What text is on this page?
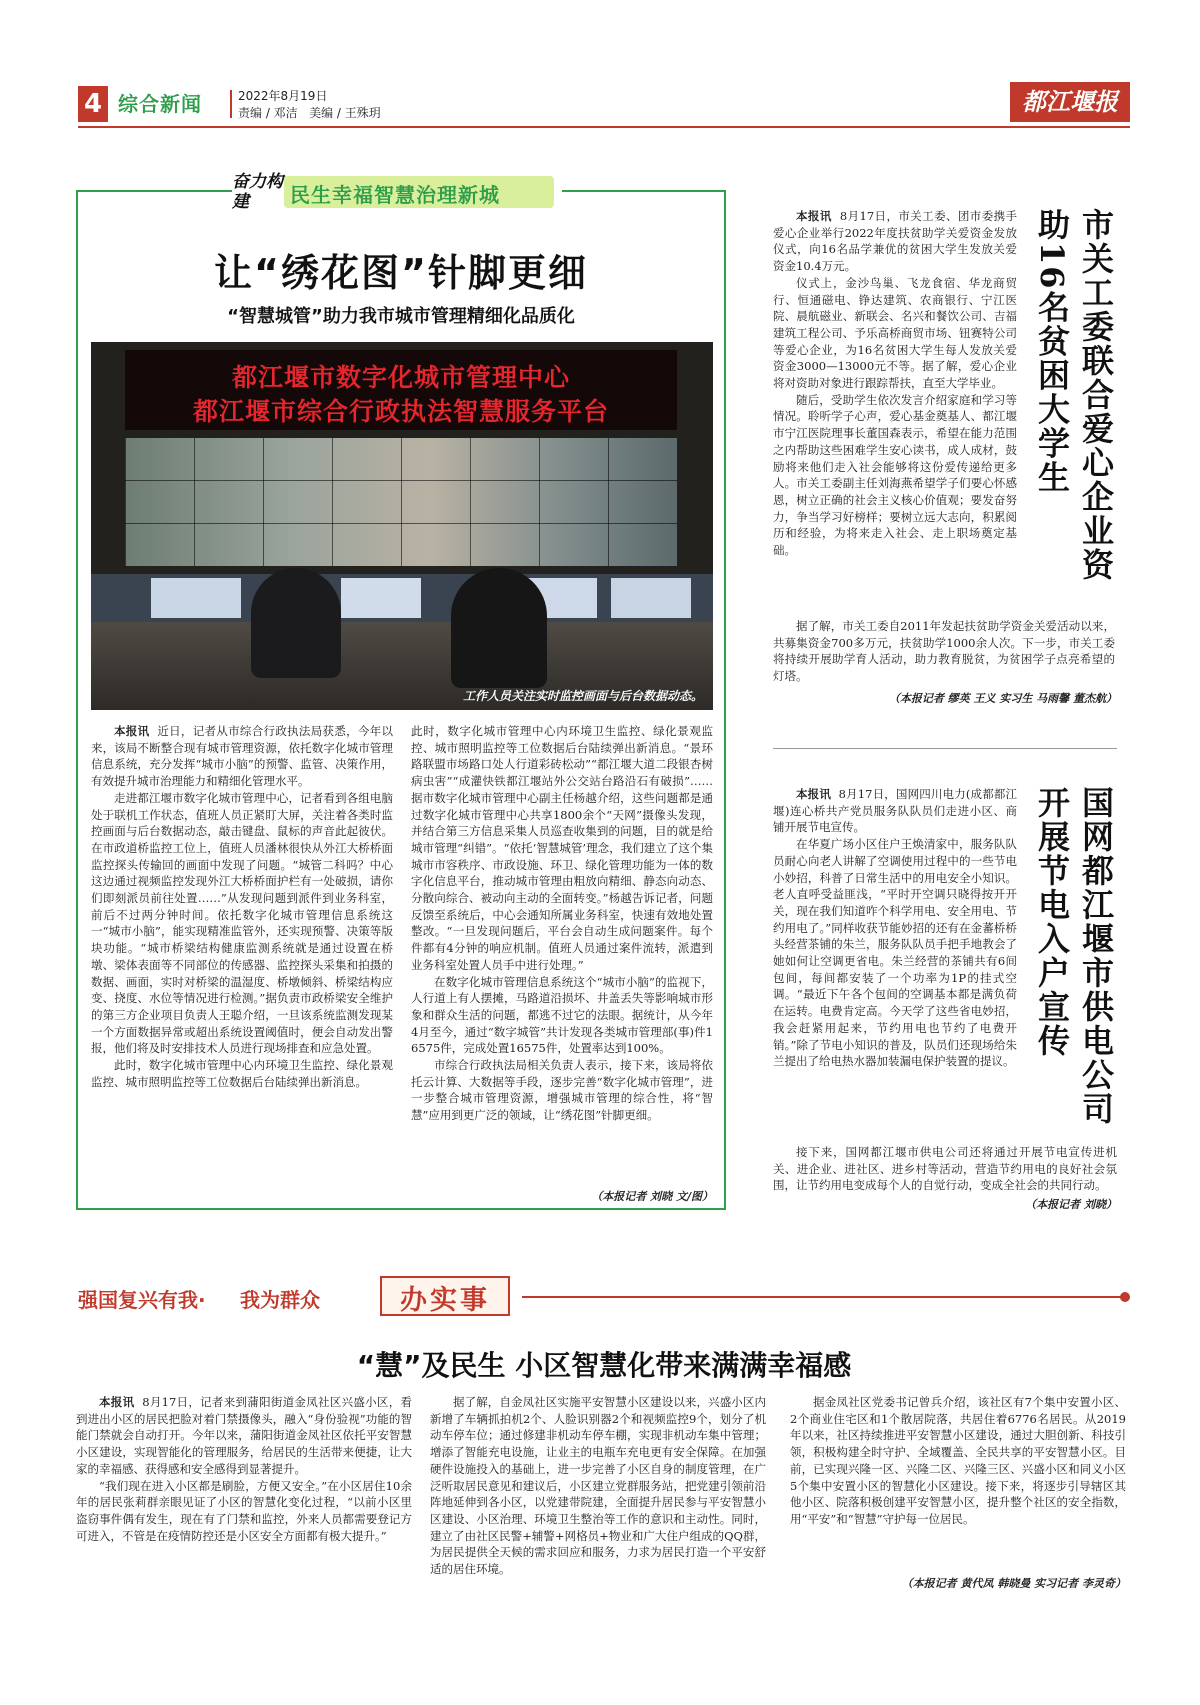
4 综合新闻	2022年8月19日
责编 / 邓洁   美编 / 王殊玥	都江堰报
奋力构建	民生幸福智慧治理新城
让“绣花图”针脚更细
“智慧城管”助力我市城市管理精细化品质化
都江堰市数字化城市管理中心
都江堰市综合行政执法智慧服务平台
工作人员关注实时监控画面与后台数据动态。

本报讯 近日，记者从市综合行政执法局获悉，今年以来，该局不断整合现有城市管理资源，依托数字化城市管理信息系统，充分发挥“城市小脑”的预警、监管、决策作用，有效提升城市治理能力和精细化管理水平。

走进都江堰市数字化城市管理中心，记者看到各组电脑处于联机工作状态，值班人员正紧盯大屏，关注着各类时监控画面与后台数据动态，敲击键盘、鼠标的声音此起彼伏。在市政道桥监控工位上，值班人员潘林很快从外江大桥桥面监控探头传输回的画面中发现了问题。“城管二科吗？中心这边通过视频监控发现外江大桥桥面护栏有一处破损，请你们即刻派员前往处置……”从发现问题到派件到业务科室，前后不过两分钟时间。依托数字化城市管理信息系统这一“城市小脑”，能实现精准监管外，还实现预警、决策等版块功能。“城市桥梁结构健康监测系统就是通过设置在桥墩、梁体表面等不同部位的传感器、监控探头采集和拍摄的数据、画面，实时对桥梁的温湿度、桥墩倾斜、桥梁结构应变、挠度、水位等情况进行检测。”据负责市政桥梁安全维护的第三方企业项目负责人王聪介绍，一旦该系统监测发现某一个方面数据异常或超出系统设置阈值时，便会自动发出警报，他们将及时安排技术人员进行现场排查和应急处置。

此时，数字化城市管理中心内环境卫生监控、绿化景观监控、城市照明监控等工位数据后台陆续弹出新消息。

此时，数字化城市管理中心内环境卫生监控、绿化景观监控、城市照明监控等工位数据后台陆续弹出新消息。“景环路联盟市场路口处人行道彩砖松动”“都江堰大道二段银杏树病虫害”“成灌快铁都江堰站外公交站台路沿石有破损”……据市数字化城市管理中心副主任杨越介绍，这些问题都是通过数字化城市管理中心共享1800余个“天网”摄像头发现，并结合第三方信息采集人员巡查收集到的问题，目的就是给城市管理“纠错”。“依托‘智慧城管’理念，我们建立了这个集城市市容秩序、市政设施、环卫、绿化管理功能为一体的数字化信息平台，推动城市管理由粗放向精细、静态向动态、分散向综合、被动向主动的全面转变。”杨越告诉记者，问题反馈至系统后，中心会通知所属业务科室，快速有效地处置整改。“一旦发现问题后，平台会自动生成问题案件。每个件都有4分钟的响应机制。值班人员通过案件流转，派遣到业务科室处置人员手中进行处理。”

在数字化城市管理信息系统这个“城市小脑”的监视下，人行道上有人摆摊，马路道沿损坏、井盖丢失等影响城市形象和群众生活的问题，都逃不过它的法眼。据统计，从今年4月至今，通过“数字城管”共计发现各类城市管理部(事)件16575件，完成处置16575件，处置率达到100%。

市综合行政执法局相关负责人表示，接下来，该局将依托云计算、大数据等手段，逐步完善“数字化城市管理”，进一步整合城市管理资源，增强城市管理的综合性，将“智慧”应用到更广泛的领域，让“绣花图”针脚更细。

（本报记者 刘晓 文/图）

本报讯 8月17日，市关工委、团市委携手爱心企业举行2022年度扶贫助学关爱资金发放仪式，向16名品学兼优的贫困大学生发放关爱资金10.4万元。

仪式上，金沙鸟巢、飞龙食宿、华龙商贸行、恒通磁电、铮达建筑、农商银行、宁江医院、晨航磁业、新联会、名兴和餐饮公司、吉福建筑工程公司、予乐高桥商贸市场、钮赛特公司等爱心企业，为16名贫困大学生每人发放关爱资金3000—13000元不等。据了解，爱心企业将对资助对象进行跟踪帮扶，直至大学毕业。

随后，受助学生依次发言介绍家庭和学习等情况。聆听学子心声，爱心基金奠基人、都江堰市宁江医院理事长董国森表示，希望在能力范围之内帮助这些困难学生安心读书，成人成材，鼓励将来他们走入社会能够将这份爱传递给更多人。市关工委副主任刘海燕希望学子们要心怀感恩，树立正确的社会主义核心价值观；要发奋努力，争当学习好榜样；要树立远大志向，积累阅历和经验，为将来走入社会、走上职场奠定基础。	市关工委联合爱心企业资助16名贫困大学生

据了解，市关工委自2011年发起扶贫助学资金关爱活动以来，共募集资金700多万元，扶贫助学1000余人次。下一步，市关工委将持续开展助学育人活动，助力教育脱贫，为贫困学子点亮希望的灯塔。

（本报记者 缪英 王义 实习生 马雨馨 董杰航）

本报讯 8月17日，国网四川电力(成都都江堰)连心桥共产党员服务队队员们走进小区、商铺开展节电宣传。

在华夏广场小区住户王焕清家中，服务队队员耐心向老人讲解了空调使用过程中的一些节电小妙招，科普了日常生活中的用电安全小知识。老人直呼受益匪浅，“平时开空调只晓得按开开关，现在我们知道咋个科学用电、安全用电、节约用电了。”同样收获节能妙招的还有在金蕃桥桥头经营茶铺的朱兰，服务队队员手把手地教会了她如何让空调更省电。朱兰经营的茶铺共有6间包间，每间都安装了一个功率为1P的挂式空调。“最近下午各个包间的空调基本都是满负荷在运转。电费肯定高。今天学了这些省电妙招，我会赶紧用起来，节约用电也节约了电费开销。”除了节电小知识的普及，队员们还现场给朱兰提出了给电热水器加装漏电保护装置的提议。	国网都江堰市供电公司开展节电入户宣传

接下来，国网都江堰市供电公司还将通过开展节电宣传进机关、进企业、进社区、进乡村等活动，营造节约用电的良好社会氛围，让节约用电变成每个人的自觉行动，变成全社会的共同行动。

（本报记者 刘晓）
强国复兴有我· 我为群众	办实事
“慧”及民生 小区智慧化带来满满幸福感

本报讯 8月17日，记者来到蒲阳街道金凤社区兴盛小区，看到进出小区的居民把脸对着门禁摄像头，融入“身份验视”功能的智能门禁就会自动打开。今年以来，蒲阳街道金凤社区依托平安智慧小区建设，实现智能化的管理服务，给居民的生活带来便捷，让大家的幸福感、获得感和安全感得到显著提升。

“我们现在进入小区都是刷脸，方便又安全。”在小区居住10余年的居民张莉群亲眼见证了小区的智慧化变化过程，“以前小区里盗窃事件偶有发生，现在有了门禁和监控，外来人员都需要登记方可进入，不管是在疫情防控还是小区安全方面都有极大提升。”

据了解，自金凤社区实施平安智慧小区建设以来，兴盛小区内新增了车辆抓拍机2个、人脸识别器2个和视频监控9个，划分了机动车停车位；通过修建非机动车停车棚，实现非机动车集中管理；增添了智能充电设施，让业主的电瓶车充电更有安全保障。在加强硬件设施投入的基础上，进一步完善了小区自身的制度管理，在广泛听取居民意见和建议后，小区建立党群服务站，把党建引领前沿阵地延伸到各小区，以党建带院建，全面提升居民参与平安智慧小区建设、小区治理、环境卫生整治等工作的意识和主动性。同时，建立了由社区民警+辅警+网格员+物业和广大住户组成的QQ群，为居民提供全天候的需求回应和服务，力求为居民打造一个平安舒适的居住环境。

据金凤社区党委书记曾兵介绍，该社区有7个集中安置小区、2个商业住宅区和1个散居院落，共居住着6776名居民。从2019年以来，社区持续推进平安智慧小区建设，通过大胆创新、科技引领，积极构建全时守护、全域覆盖、全民共享的平安智慧小区。目前，已实现兴隆一区、兴隆二区、兴隆三区、兴盛小区和同义小区5个集中安置小区的智慧化小区建设。接下来，将逐步引导辖区其他小区、院落积极创建平安智慧小区，提升整个社区的安全指数，用“平安”和“智慧”守护每一位居民。

（本报记者 黄代凤 韩晓曼 实习记者 李灵奇）
